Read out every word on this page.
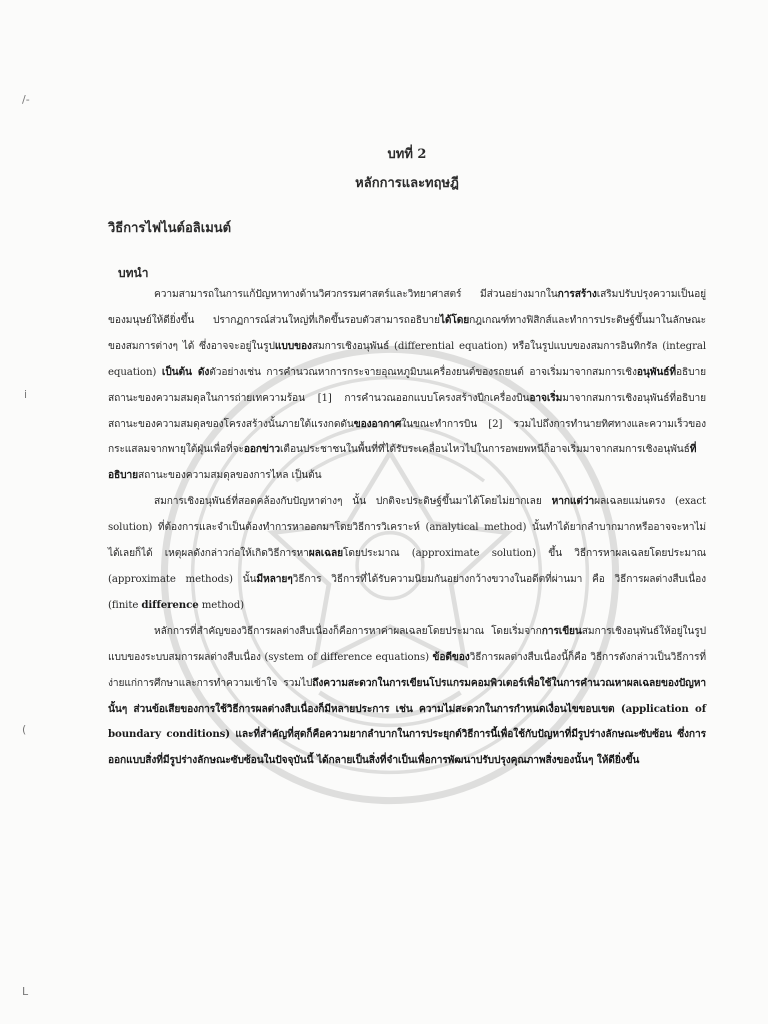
/-
i
(
L
บทที่ 2
หลักการและทฤษฎี
วิธีการไฟไนต์อลิเมนต์
บทนำ

ความสามารถในการแก้ปัญหาทางด้านวิศวกรรมศาสตร์และวิทยาศาสตร์ มีส่วนอย่างมากในการสร้างเสริมปรับปรุงความเป็นอยู่ของมนุษย์ให้ดียิ่งขึ้น ปรากฏการณ์ส่วนใหญ่ที่เกิดขึ้นรอบตัวสามารถอธิบายได้โดยกฎเกณฑ์ทางฟิสิกส์และทำการประดิษฐ์ขึ้นมาในลักษณะของสมการต่างๆ ได้ ซึ่งอาจจะอยู่ในรูปแบบของสมการเชิงอนุพันธ์ (differential equation) หรือในรูปแบบของสมการอินทิกรัล (integral equation) เป็นต้น ดังตัวอย่างเช่น การคำนวณหาการกระจายอุณหภูมิบนเครื่องยนต์ของรถยนต์ อาจเริ่มมาจากสมการเชิงอนุพันธ์ที่อธิบายสถานะของความสมดุลในการถ่ายเทความร้อน [1] การคำนวณออกแบบโครงสร้างปีกเครื่องบินอาจเริ่มมาจากสมการเชิงอนุพันธ์ที่อธิบายสถานะของความสมดุลของโครงสร้างนั้นภายใต้แรงกดดันของอากาศในขณะทำการบิน [2] รวมไปถึงการทำนายทิศทางและความเร็วของกระแสลมจากพายุใต้ฝุ่นเพื่อที่จะออกข่าวเตือนประชาชนในพื้นที่ที่ได้รับระเคลื่อนไหวไปในการอพยพหนีก็อาจเริ่มมาจากสมการเชิงอนุพันธ์ที่อธิบายสถานะของความสมดุลของการไหล เป็นต้น

สมการเชิงอนุพันธ์ที่สอดคล้องกับปัญหาต่างๆ นั้น ปกติจะประดิษฐ์ขึ้นมาได้โดยไม่ยากเลย หากแต่ว่าผลเฉลยแม่นตรง (exact solution) ที่ต้องการและจำเป็นต้องทำการหาออกมาโดยวิธีการวิเคราะห์ (analytical method) นั้นทำได้ยากลำบากมากหรืออาจจะหาไม่ได้เลยก็ได้ เหตุผลดังกล่าวก่อให้เกิดวิธีการหาผลเฉลยโดยประมาณ (approximate solution) ขึ้น วิธีการหาผลเฉลยโดยประมาณ (approximate methods) นั้นมีหลายๆวิธีการ วิธีการที่ได้รับความนิยมกันอย่างกว้างขวางในอดีตที่ผ่านมา คือ วิธีการผลต่างสืบเนื่อง (finite difference method)

หลักการที่สำคัญของวิธีการผลต่างสืบเนื่องก็คือการหาค่าผลเฉลยโดยประมาณ โดยเริ่มจากการเขียนสมการเชิงอนุพันธ์ให้อยู่ในรูปแบบของระบบสมการผลต่างสืบเนื่อง (system of difference equations) ข้อดีของวิธีการผลต่างสืบเนื่องนี้ก็คือ วิธีการดังกล่าวเป็นวิธีการที่ง่ายแก่การศึกษาและการทำความเข้าใจ รวมไปถึงความสะดวกในการเขียนโปรแกรมคอมพิวเตอร์เพื่อใช้ในการคำนวณหาผลเฉลยของปัญหานั้นๆ ส่วนข้อเสียของการใช้วิธีการผลต่างสืบเนื่องก็มีหลายประการ เช่น ความไม่สะดวกในการกำหนดเงื่อนไขขอบเขต (application of boundary conditions) และที่สำคัญที่สุดก็คือความยากลำบากในการประยุกต์วิธีการนี้เพื่อใช้กับปัญหาที่มีรูปร่างลักษณะซับซ้อน ซึ่งการออกแบบสิ่งที่มีรูปร่างลักษณะซับซ้อนในปัจจุบันนี้ ได้กลายเป็นสิ่งที่จำเป็นเพื่อการพัฒนาปรับปรุงคุณภาพสิ่งของนั้นๆ ให้ดียิ่งขึ้น
